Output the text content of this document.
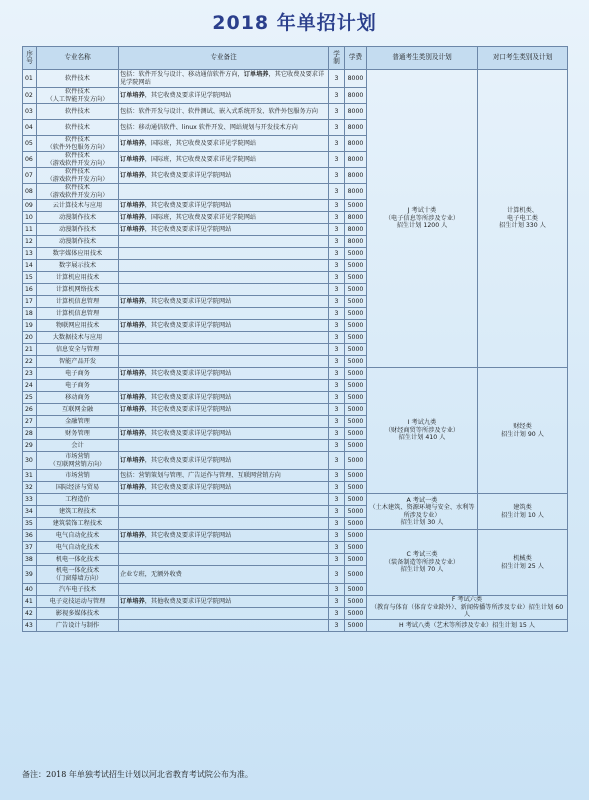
2018 年单招计划
序号	专业名称	专业备注	学制	学费	普通考生类别及计划	对口考生类别及计划
01	软件技术	包括：软件开发与设计、移动通信软件方向，订单培养，其它收费及要求详见学院网站	3	8000	J 考试十类
（电子信息等所涉及专业）
招生计划 1200 人	计算机类、
电子电工类
招生计划 330 人
02	软件技术
（人工智能开发方向）	订单培养，其它收费及要求详见学院网站	3	8000		
03	软件技术	包括：软件开发与设计、软件测试、嵌入式系统开发、软件外包服务方向	3	8000		
04	软件技术	包括：移动通信软件、linux 软件开发、网站规划与开发技术方向	3	8000		
05	软件技术
（软件外包服务方向）	订单培养，国际班，其它收费及要求详见学院网站	3	8000		
06	软件技术
（游戏软件开发方向）	订单培养，国际班，其它收费及要求详见学院网站	3	8000		
07	软件技术
（游戏软件开发方向）	订单培养，其它收费及要求详见学院网站	3	8000		
08	软件技术
（游戏软件开发方向）		3	8000		
09	云计算技术与应用	订单培养，其它收费及要求详见学院网站	3	5000		
10	动漫制作技术	订单培养，国际班，其它收费及要求详见学院网站	3	8000		
11	动漫制作技术	订单培养，其它收费及要求详见学院网站	3	8000		
12	动漫制作技术		3	8000		
13	数字媒体应用技术		3	5000		
14	数字展示技术		3	5000		
15	计算机应用技术		3	5000		
16	计算机网络技术		3	5000		
17	计算机信息管理	订单培养，其它收费及要求详见学院网站	3	5000		
18	计算机信息管理		3	5000		
19	物联网应用技术	订单培养，其它收费及要求详见学院网站	3	5000		
20	大数据技术与应用		3	5000		
21	信息安全与管理		3	5000		
22	智能产品开发		3	5000		
23	电子商务	订单培养，其它收费及要求详见学院网站	3	5000	I 考试九类
（财经商贸等所涉及专业）
招生计划 410 人	财经类
招生计划 90 人
24	电子商务		3	5000		
25	移动商务	订单培养，其它收费及要求详见学院网站	3	5000		
26	互联网金融	订单培养，其它收费及要求详见学院网站	3	5000		
27	金融管理		3	5000		
28	财务管理	订单培养，其它收费及要求详见学院网站	3	5000		
29	会计		3	5000		
30	市场营销
（互联网营销方向）	订单培养，其它收费及要求详见学院网站	3	5000		
31	市场营销	包括：营销策划与管理、广告运作与管理、互联网营销方向	3	5000		
32	国际经济与贸易	订单培养，其它收费及要求详见学院网站	3	5000		
33	工程造价		3	5000	A 考试一类
（土木建筑、资源环境与安全、水利等所涉及专业）
招生计划 30 人	建筑类
招生计划 10 人
34	建筑工程技术		3	5000		
35	建筑装饰工程技术		3	5000		
36	电气自动化技术	订单培养，其它收费及要求详见学院网站	3	5000	C 考试三类
（装备制造等所涉及专业）
招生计划 70 人	机械类
招生计划 25 人
37	电气自动化技术		3	5000		
38	机电一体化技术		3	5000		
39	机电一体化技术
（门窗幕墙方向）	企业专班，无额外收费	3	5000		
40	汽车电子技术		3	5000		
41	电子竞技运动与管理	订单培养，其他收费及要求详见学院网站	3	5000	F 考试六类
（教育与体育（体育专业除外）、新闻传播等所涉及专业）招生计划 60 人	
42	影视多媒体技术		3	5000		
43	广告设计与制作		3	5000	H 考试八类（艺术等所涉及专业）招生计划 15 人	
备注：2018 年单独考试招生计划以河北省教育考试院公布为准。
